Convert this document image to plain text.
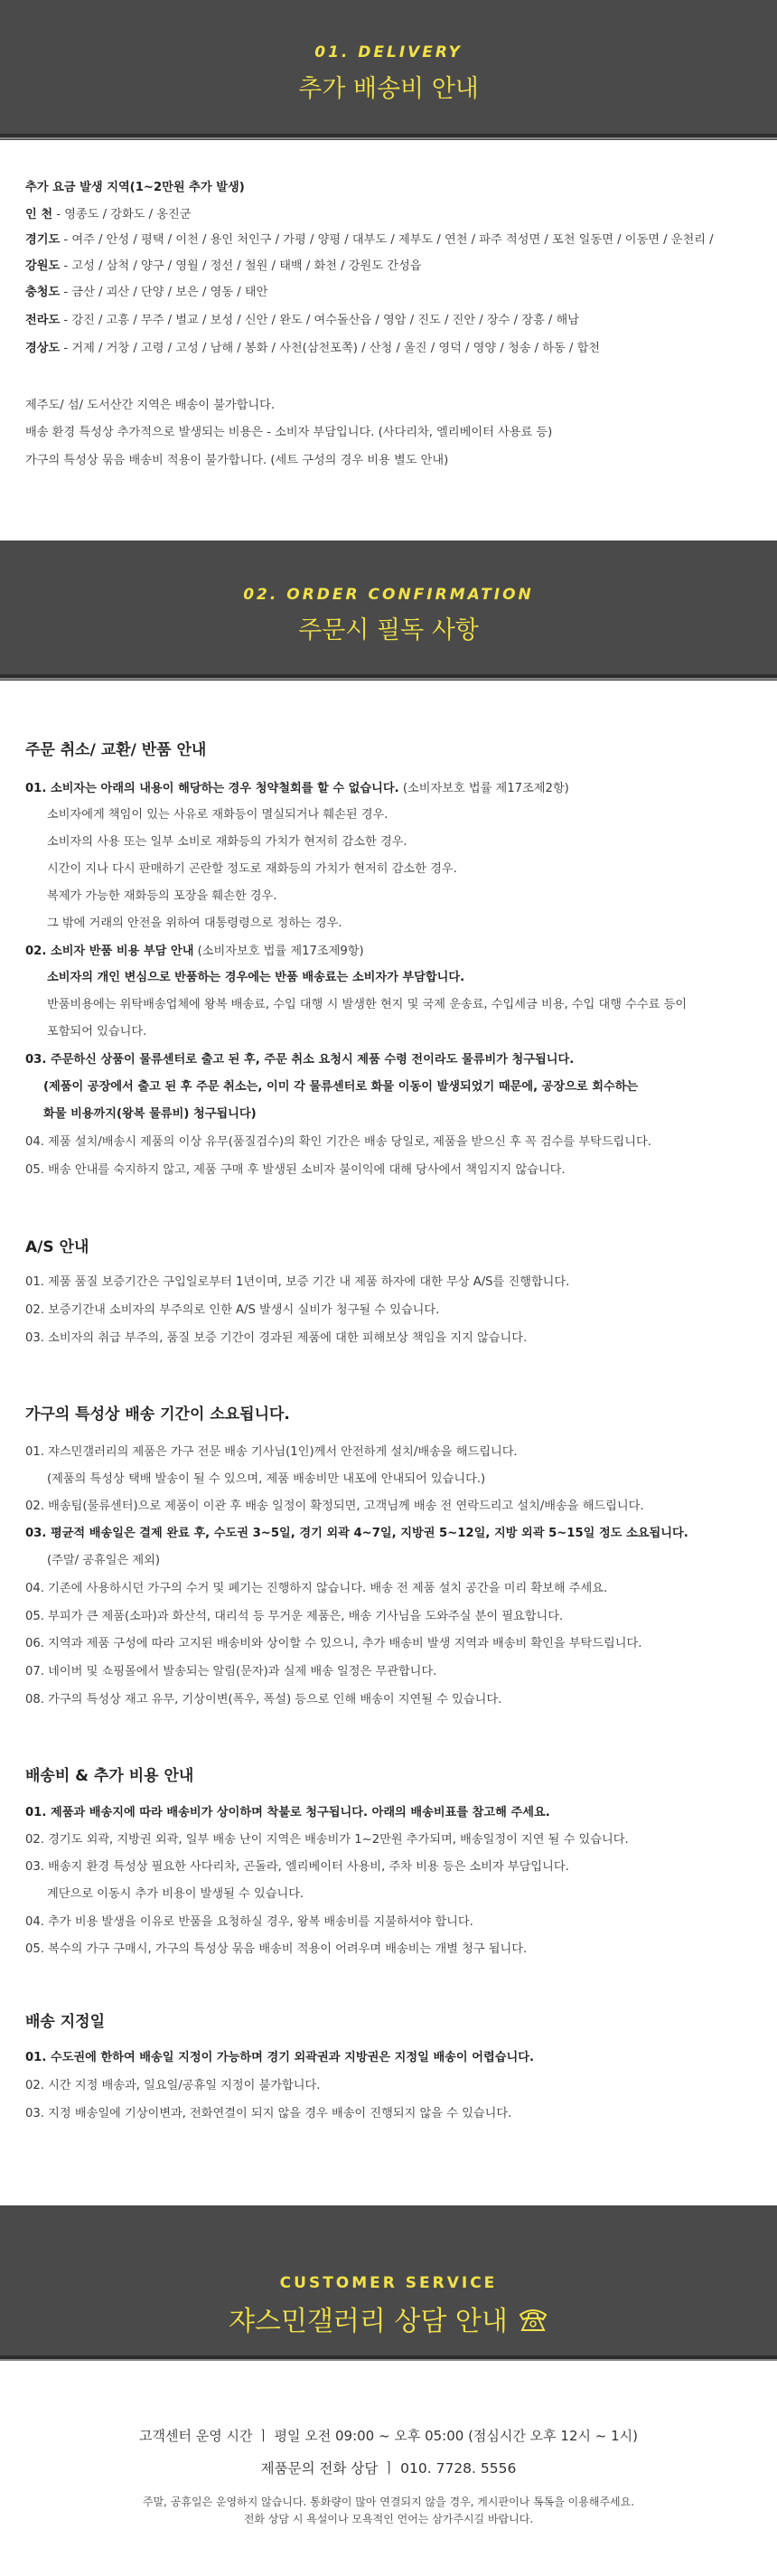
01. DELIVERY
추가 배송비 안내
추가 요금 발생 지역(1~2만원 추가 발생)
인 천 - 영종도 / 강화도 / 옹진군
경기도 - 여주 / 안성 / 평택 / 이천 / 용인 처인구 / 가평 / 양평 / 대부도 / 제부도 / 연천 / 파주 적성면 / 포천 일동면 / 이동면 / 운천리 /
강원도 - 고성 / 삼척 / 양구 / 영월 / 정선 / 철원 / 태백 / 화천 / 강원도 간성읍
충청도 - 금산 / 괴산 / 단양 / 보은 / 영동 / 태안
전라도 - 강진 / 고흥 / 무주 / 벌교 / 보성 / 신안 / 완도 / 여수돌산읍 / 영암 / 진도 / 진안 / 장수 / 장흥 / 해남
경상도 - 거제 / 거창 / 고령 / 고성 / 남해 / 봉화 / 사천(삼천포쪽) / 산청 / 울진 / 영덕 / 영양 / 청송 / 하동 / 합천
제주도/ 섬/ 도서산간 지역은 배송이 불가합니다.
배송 환경 특성상 추가적으로 발생되는 비용은 - 소비자 부담입니다. (사다리차, 엘리베이터 사용료 등)
가구의 특성상 묶음 배송비 적용이 불가합니다. (세트 구성의 경우 비용 별도 안내)
02. ORDER CONFIRMATION
주문시 필독 사항
주문 취소/ 교환/ 반품 안내
01. 소비자는 아래의 내용이 해당하는 경우 청약철회를 할 수 없습니다. (소비자보호 법률 제17조제2항)
소비자에게 책임이 있는 사유로 재화등이 멸실되거나 훼손된 경우.
소비자의 사용 또는 일부 소비로 재화등의 가치가 현저히 감소한 경우.
시간이 지나 다시 판매하기 곤란할 정도로 재화등의 가치가 현저히 감소한 경우.
복제가 가능한 재화등의 포장을 훼손한 경우.
그 밖에 거래의 안전을 위하여 대통령령으로 정하는 경우.
02. 소비자 반품 비용 부담 안내 (소비자보호 법률 제17조제9항)
소비자의 개인 변심으로 반품하는 경우에는 반품 배송료는 소비자가 부담합니다.
반품비용에는 위탁배송업체에 왕복 배송료, 수입 대행 시 발생한 현지 및 국제 운송료, 수입세금 비용, 수입 대행 수수료 등이
포함되어 있습니다.
03. 주문하신 상품이 물류센터로 출고 된 후, 주문 취소 요청시 제품 수령 전이라도 물류비가 청구됩니다.
(제품이 공장에서 출고 된 후 주문 취소는, 이미 각 물류센터로 화물 이동이 발생되었기 때문에, 공장으로 회수하는
화물 비용까지(왕복 물류비) 청구됩니다)
04. 제품 설치/배송시 제품의 이상 유무(품질검수)의 확인 기간은 배송 당일로, 제품을 받으신 후 꼭 검수를 부탁드립니다.
05. 배송 안내를 숙지하지 않고, 제품 구매 후 발생된 소비자 불이익에 대해 당사에서 책임지지 않습니다.
A/S 안내
01. 제품 품질 보증기간은 구입일로부터 1년이며, 보증 기간 내 제품 하자에 대한 무상 A/S를 진행합니다.
02. 보증기간내 소비자의 부주의로 인한 A/S 발생시 실비가 청구될 수 있습니다.
03. 소비자의 취급 부주의, 품질 보증 기간이 경과된 제품에 대한 피해보상 책임을 지지 않습니다.
가구의 특성상 배송 기간이 소요됩니다.
01. 쟈스민갤러리의 제품은 가구 전문 배송 기사님(1인)께서 안전하게 설치/배송을 해드립니다.
(제품의 특성상 택배 발송이 될 수 있으며, 제품 배송비만 내포에 안내되어 있습니다.)
02. 배송팀(물류센터)으로 제품이 이관 후 배송 일정이 확정되면, 고객님께 배송 전 연락드리고 설치/배송을 해드립니다.
03. 평균적 배송일은 결제 완료 후, 수도권 3~5일, 경기 외곽 4~7일, 지방권 5~12일, 지방 외곽 5~15일 정도 소요됩니다.
(주말/ 공휴일은 제외)
04. 기존에 사용하시던 가구의 수거 및 폐기는 진행하지 않습니다. 배송 전 제품 설치 공간을 미리 확보해 주세요.
05. 부피가 큰 제품(소파)과 화산석, 대리석 등 무거운 제품은, 배송 기사님을 도와주실 분이 필요합니다.
06. 지역과 제품 구성에 따라 고지된 배송비와 상이할 수 있으니, 추가 배송비 발생 지역과 배송비 확인을 부탁드립니다.
07. 네이버 및 쇼핑몰에서 발송되는 알림(문자)과 실제 배송 일정은 무관합니다.
08. 가구의 특성상 재고 유무, 기상이변(폭우, 폭설) 등으로 인해 배송이 지연될 수 있습니다.
배송비 & 추가 비용 안내
01. 제품과 배송지에 따라 배송비가 상이하며 착불로 청구됩니다. 아래의 배송비표를 참고해 주세요.
02. 경기도 외곽, 지방권 외곽, 일부 배송 난이 지역은 배송비가 1~2만원 추가되며, 배송일정이 지연 될 수 있습니다.
03. 배송지 환경 특성상 필요한 사다리차, 곤돌라, 엘리베이터 사용비, 주차 비용 등은 소비자 부담입니다.
계단으로 이동시 추가 비용이 발생될 수 있습니다.
04. 추가 비용 발생을 이유로 반품을 요청하실 경우, 왕복 배송비를 지불하셔야 합니다.
05. 복수의 가구 구매시, 가구의 특성상 묶음 배송비 적용이 어려우며 배송비는 개별 청구 됩니다.
배송 지정일
01. 수도권에 한하여 배송일 지정이 가능하며 경기 외곽권과 지방권은 지정일 배송이 어렵습니다.
02. 시간 지정 배송과, 일요일/공휴일 지정이 불가합니다.
03. 지정 배송일에 기상이변과, 전화연결이 되지 않을 경우 배송이 진행되지 않을 수 있습니다.
CUSTOMER SERVICE
쟈스민갤러리 상담 안내
고객센터 운영 시간 ㅣ 평일 오전 09:00 ~ 오후 05:00 (점심시간 오후 12시 ~ 1시)
제품문의 전화 상담 ㅣ 010. 7728. 5556
주말, 공휴일은 운영하지 않습니다. 통화량이 많아 연결되지 않을 경우, 게시판이나 톡톡을 이용해주세요.
전화 상담 시 욕설이나 모욕적인 언어는 삼가주시길 바랍니다.
